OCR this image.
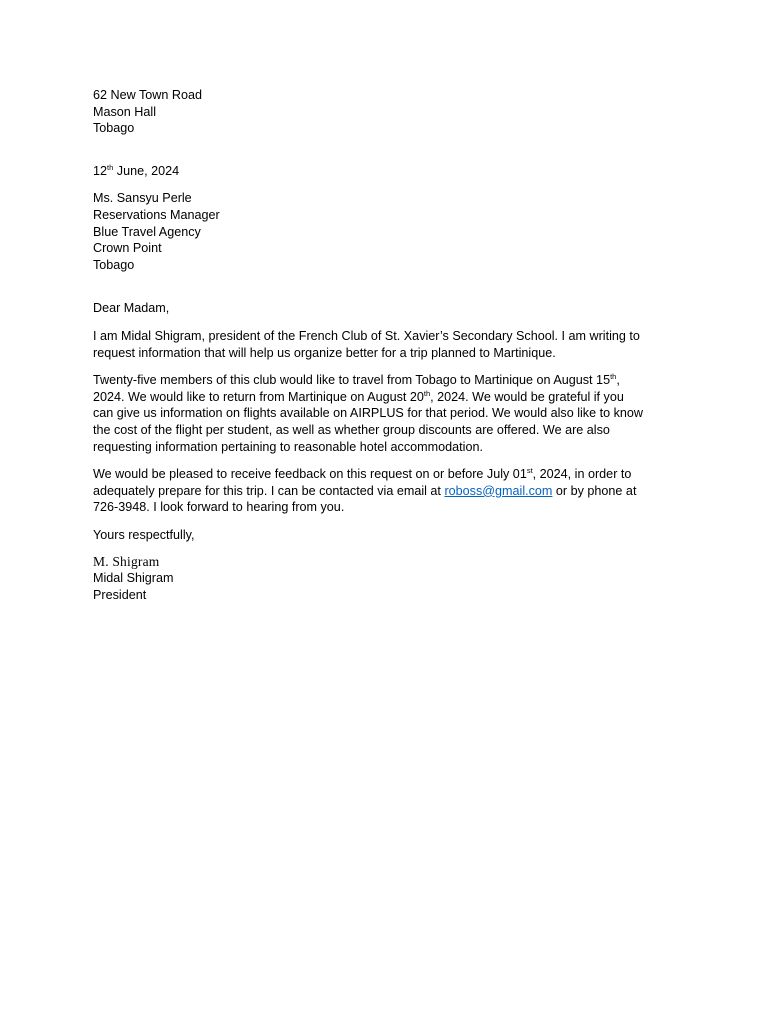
62 New Town Road
Mason Hall
Tobago
12th June, 2024
Ms. Sansyu Perle
Reservations Manager
Blue Travel Agency
Crown Point
Tobago
Dear Madam,
I am Midal Shigram, president of the French Club of St. Xavier’s Secondary School. I am writing to
request information that will help us organize better for a trip planned to Martinique.
Twenty-five members of this club would like to travel from Tobago to Martinique on August 15th,
2024. We would like to return from Martinique on August 20th, 2024. We would be grateful if you
can give us information on flights available on AIRPLUS for that period. We would also like to know
the cost of the flight per student, as well as whether group discounts are offered. We are also
requesting information pertaining to reasonable hotel accommodation.
We would be pleased to receive feedback on this request on or before July 01st, 2024, in order to
adequately prepare for this trip. I can be contacted via email at roboss@gmail.com or by phone at
726-3948. I look forward to hearing from you.
Yours respectfully,
M. Shigram
Midal Shigram
President
